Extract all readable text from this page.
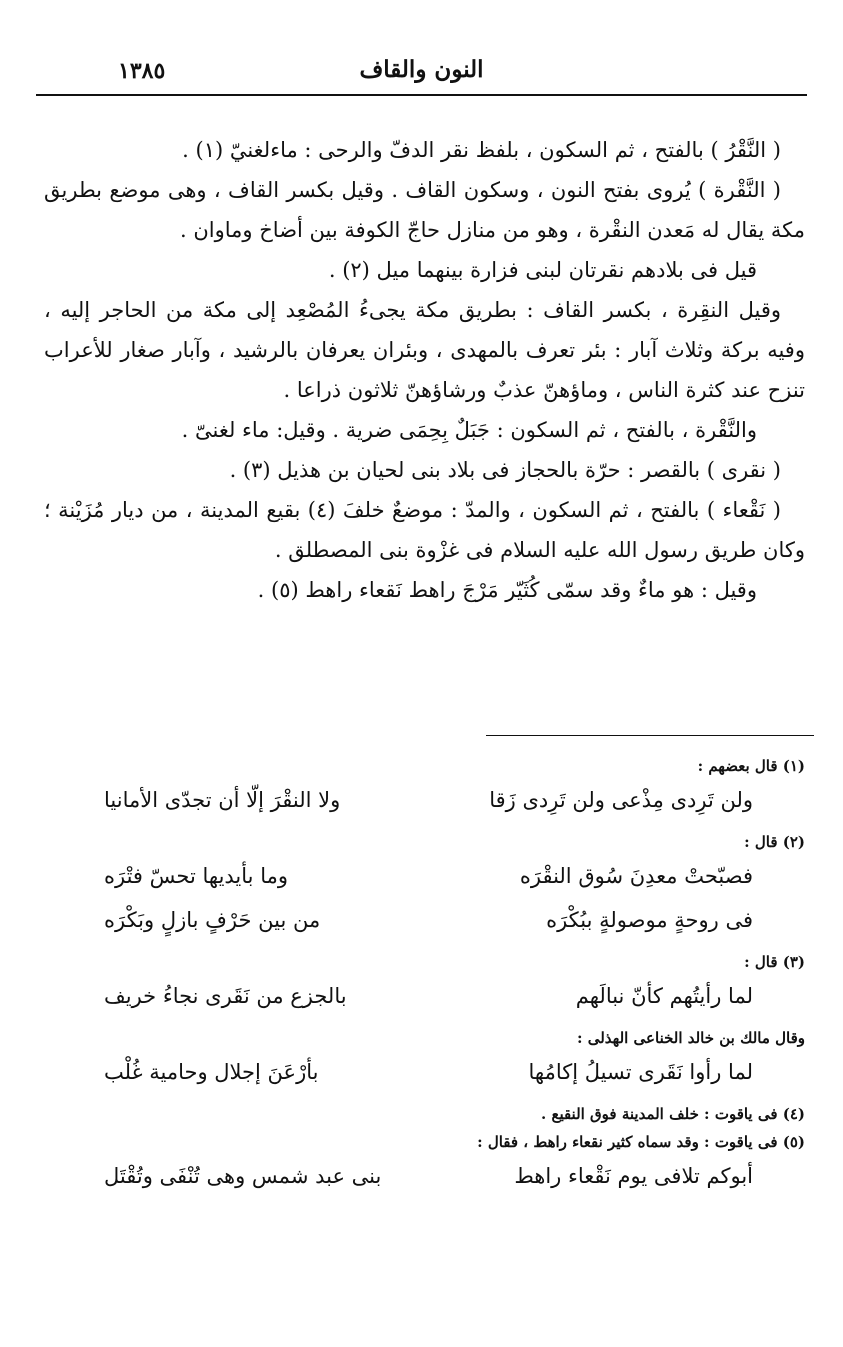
النون والقاف
١٣٨٥

( النَّقْرُ ) بالفتح ، ثم السكون ، بلفظ نقر الدفّ والرحى : ماءلغنيّ (١) .

( النَّقْرة ) يُروى بفتح النون ، وسكون القاف . وقيل بكسر القاف ، وهى موضع بطريق مكة يقال له مَعدن النقْرة ، وهو من منازل حاجّ الكوفة بين أضاخ وماوان .

قيل فى بلادهم نقرتان لبنى فزارة بينهما ميل (٢) .

وقيل النقِرة ، بكسر القاف : بطريق مكة يجىءُ المُصْعِد إلى مكة من الحاجر إليه ، وفيه بركة وثلاث آبار : بئر تعرف بالمهدى ، وبئران يعرفان بالرشيد ، وآبار صغار للأعراب تنزح عند كثرة الناس ، وماؤهنّ عذبٌ ورشاؤهنّ ثلاثون ذراعا .

والنَّقْرة ، بالفتح ، ثم السكون : جَبَلٌ بِحِمَى ضرية . وقيل: ماء لغنىّ .

( نقرى ) بالقصر : حرّة بالحجاز فى بلاد بنى لحيان بن هذيل (٣) .

( نَقْعاء ) بالفتح ، ثم السكون ، والمدّ : موضعٌ خلفَ (٤) بقيع المدينة ، من ديار مُزَيْنة ؛ وكان طريق رسول الله عليه السلام فى غزْوة بنى المصطلق .

وقيل : هو ماءٌ وقد سمّى كُثَيّر مَرْجَ راهط نَقعاء راهط (٥) .

(١) قال بعضهم :
ولن تَرِدى مِذْعى ولن تَرِدى زَقا
ولا النقْرَ إلّا أن تجدّى الأمانيا
(٢) قال :
فصبّحتْ معدِنَ سُوق النقْرَه
وما بأيديها تحسّ فتْرَه
فى روحةٍ موصولةٍ ببُكْرَه
من بين حَرْفٍ بازلٍ وبَكْرَه
(٣) قال :
لما رأيتُهم كأنّ نبالَهم
بالجزع من نَقَرى نجاءُ خريف
وقال مالك بن خالد الخناعى الهذلى :
لما رأوا نَقَرى تسيلُ إكامُها
بأرْعَنَ إجلال وحامية غُلْب
(٤) فى ياقوت : خلف المدينة فوق النقيع .
(٥) فى ياقوت : وقد سماه كثير نقعاء راهط ، فقال :
أبوكم تلافى يوم نَقْعاء راهط
بنى عبد شمس وهى تُنْفَى وتُقْتَل
